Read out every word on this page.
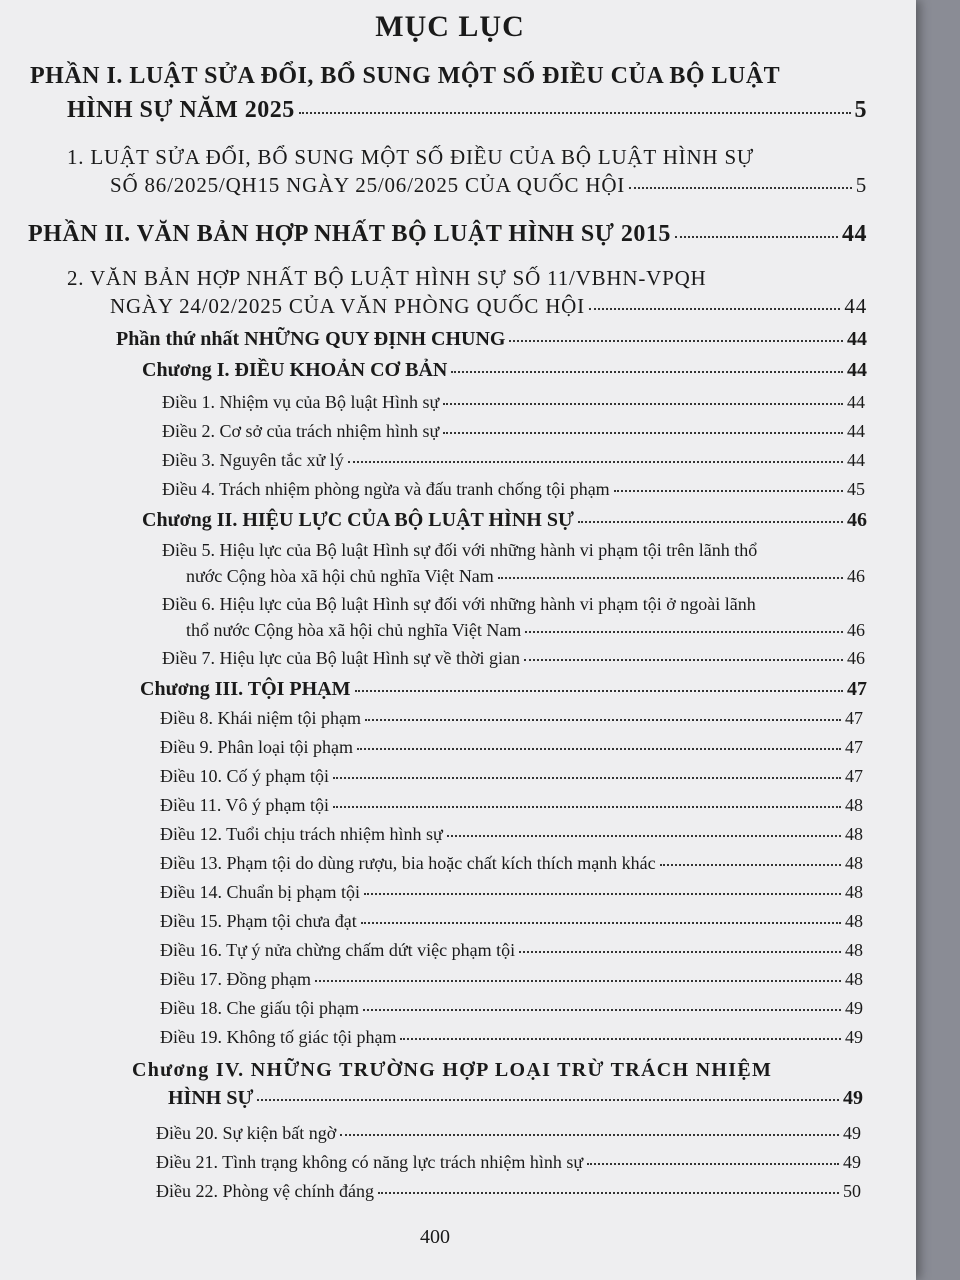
MỤC LỤC
PHẦN I. LUẬT SỬA ĐỔI, BỔ SUNG MỘT SỐ ĐIỀU CỦA BỘ LUẬT
HÌNH SỰ NĂM 2025	5
1. LUẬT SỬA ĐỔI, BỔ SUNG MỘT SỐ ĐIỀU CỦA BỘ LUẬT HÌNH SỰ
SỐ 86/2025/QH15 NGÀY 25/06/2025 CỦA QUỐC HỘI	5
PHẦN II. VĂN BẢN HỢP NHẤT BỘ LUẬT HÌNH SỰ 2015	44
2. VĂN BẢN HỢP NHẤT BỘ LUẬT HÌNH SỰ SỐ 11/VBHN-VPQH
NGÀY 24/02/2025 CỦA VĂN PHÒNG QUỐC HỘI	44
Phần thứ nhất NHỮNG QUY ĐỊNH CHUNG	44
Chương I. ĐIỀU KHOẢN CƠ BẢN	44
Điều 1. Nhiệm vụ của Bộ luật Hình sự	44
Điều 2. Cơ sở của trách nhiệm hình sự	44
Điều 3. Nguyên tắc xử lý	44
Điều 4. Trách nhiệm phòng ngừa và đấu tranh chống tội phạm	45
Chương II. HIỆU LỰC CỦA BỘ LUẬT HÌNH SỰ	46
Điều 5. Hiệu lực của Bộ luật Hình sự đối với những hành vi phạm tội trên lãnh thổ
nước Cộng hòa xã hội chủ nghĩa Việt Nam	46
Điều 6. Hiệu lực của Bộ luật Hình sự đối với những hành vi phạm tội ở ngoài lãnh
thổ nước Cộng hòa xã hội chủ nghĩa Việt Nam	46
Điều 7. Hiệu lực của Bộ luật Hình sự về thời gian	46
Chương III. TỘI PHẠM	47
Điều 8. Khái niệm tội phạm	47
Điều 9. Phân loại tội phạm	47
Điều 10. Cố ý phạm tội	47
Điều 11. Vô ý phạm tội	48
Điều 12. Tuổi chịu trách nhiệm hình sự	48
Điều 13. Phạm tội do dùng rượu, bia hoặc chất kích thích mạnh khác	48
Điều 14. Chuẩn bị phạm tội	48
Điều 15. Phạm tội chưa đạt	48
Điều 16. Tự ý nửa chừng chấm dứt việc phạm tội	48
Điều 17. Đồng phạm	48
Điều 18. Che giấu tội phạm	49
Điều 19. Không tố giác tội phạm	49
Chương IV. NHỮNG TRƯỜNG HỢP LOẠI TRỪ TRÁCH NHIỆM
HÌNH SỰ	49
Điều 20. Sự kiện bất ngờ	49
Điều 21. Tình trạng không có năng lực trách nhiệm hình sự	49
Điều 22. Phòng vệ chính đáng	50
400
